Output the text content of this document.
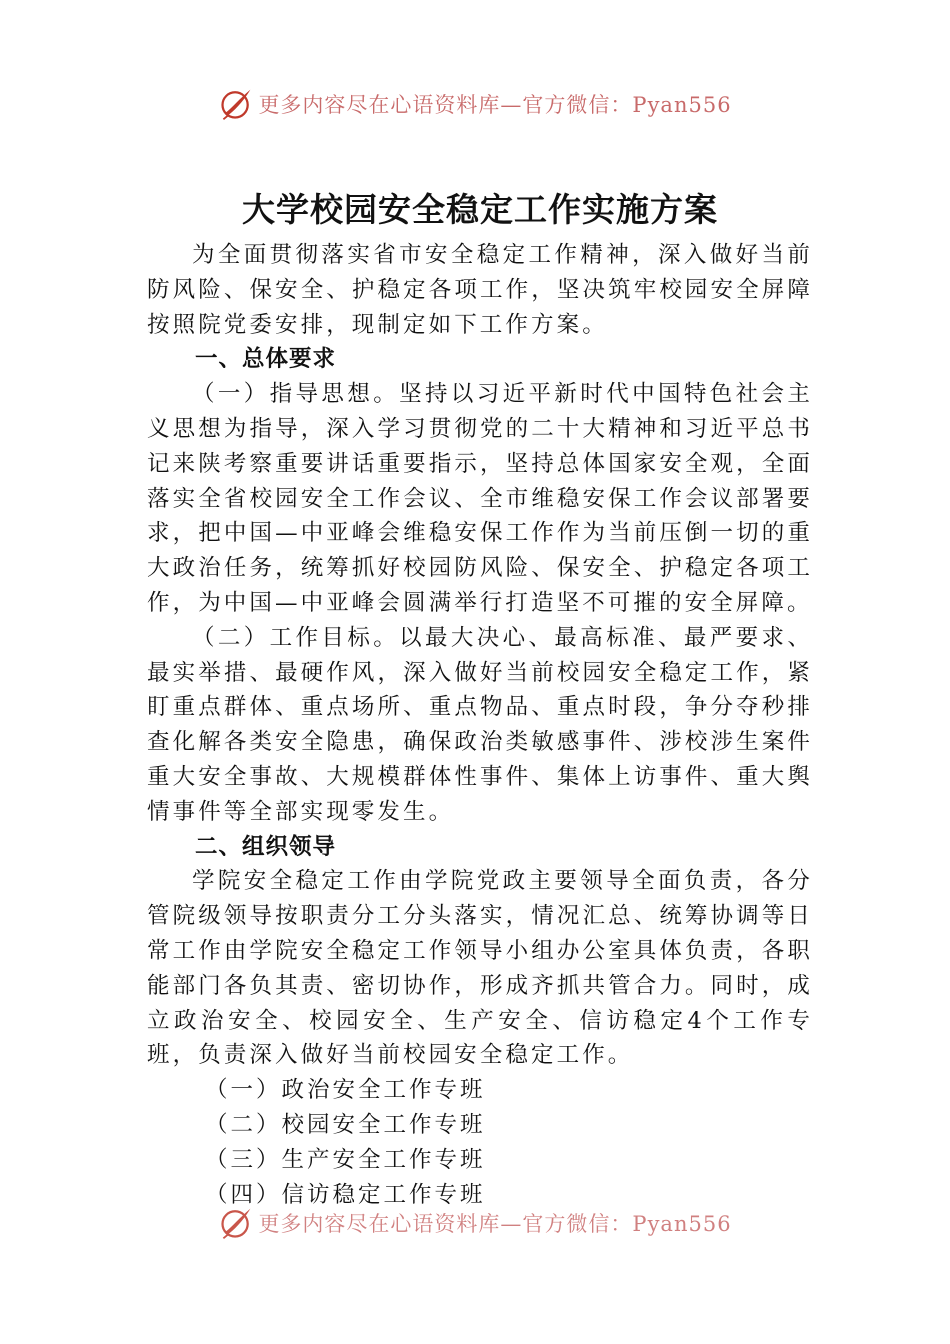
更多内容尽在心语资料库—官方微信：Pyan556
大学校园安全稳定工作实施方案

为全面贯彻落实省市安全稳定工作精神，深入做好当前防风险、保安全、护稳定各项工作，坚决筑牢校园安全屏障按照院党委安排，现制定如下工作方案。

一、总体要求

（一）指导思想。坚持以习近平新时代中国特色社会主义思想为指导，深入学习贯彻党的二十大精神和习近平总书记来陕考察重要讲话重要指示，坚持总体国家安全观，全面落实全省校园安全工作会议、全市维稳安保工作会议部署要求，把中国—中亚峰会维稳安保工作作为当前压倒一切的重大政治任务，统筹抓好校园防风险、保安全、护稳定各项工作，为中国—中亚峰会圆满举行打造坚不可摧的安全屏障。

（二）工作目标。以最大决心、最高标准、最严要求、最实举措、最硬作风，深入做好当前校园安全稳定工作，紧盯重点群体、重点场所、重点物品、重点时段，争分夺秒排查化解各类安全隐患，确保政治类敏感事件、涉校涉生案件重大安全事故、大规模群体性事件、集体上访事件、重大舆情事件等全部实现零发生。

二、组织领导

学院安全稳定工作由学院党政主要领导全面负责，各分管院级领导按职责分工分头落实，情况汇总、统筹协调等日常工作由学院安全稳定工作领导小组办公室具体负责，各职能部门各负其责、密切协作，形成齐抓共管合力。同时，成立政治安全、校园安全、生产安全、信访稳定4个工作专班，负责深入做好当前校园安全稳定工作。

（一）政治安全工作专班

（二）校园安全工作专班

（三）生产安全工作专班

（四）信访稳定工作专班

更多内容尽在心语资料库—官方微信：Pyan556
